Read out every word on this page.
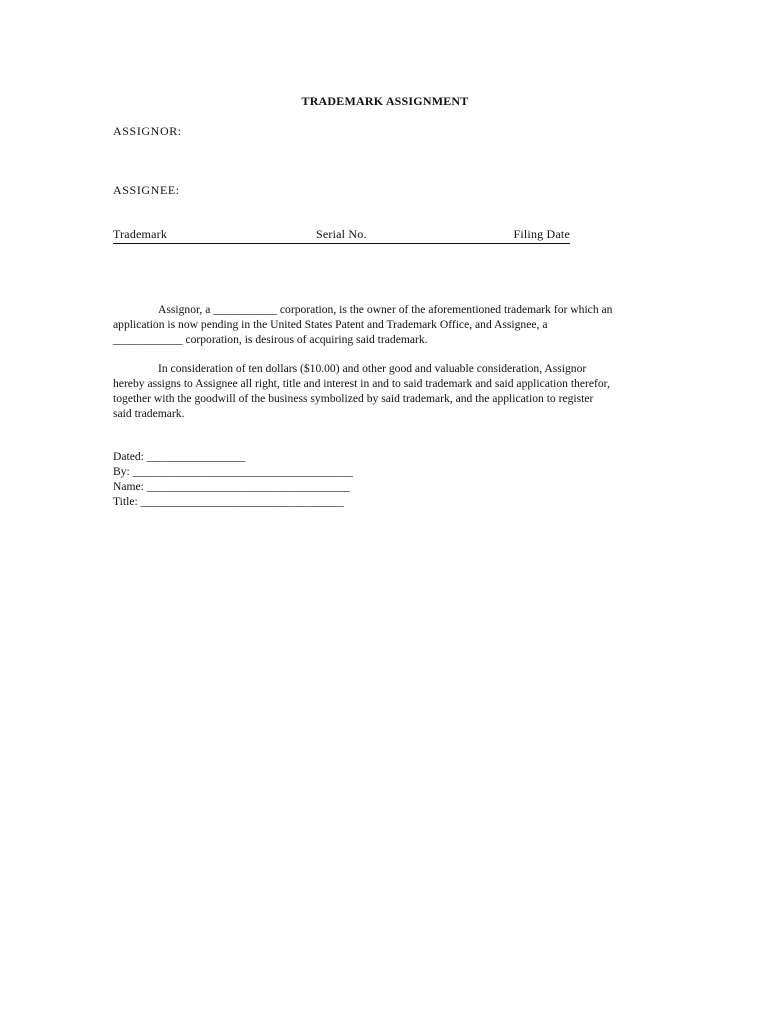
TRADEMARK ASSIGNMENT
ASSIGNOR:
ASSIGNEE:
Trademark	Serial No.	Filing Date
Assignor, a ___________ corporation, is the owner of the aforementioned trademark for which an
application is now pending in the United States Patent and Trademark Office, and Assignee, a
____________ corporation, is desirous of acquiring said trademark.
In consideration of ten dollars ($10.00) and other good and valuable consideration, Assignor
hereby assigns to Assignee all right, title and interest in and to said trademark and said application therefor,
together with the goodwill of the business symbolized by said trademark, and the application to register
said trademark.
Dated: _________________
By: ______________________________________
Name: ___________________________________
Title: ___________________________________
